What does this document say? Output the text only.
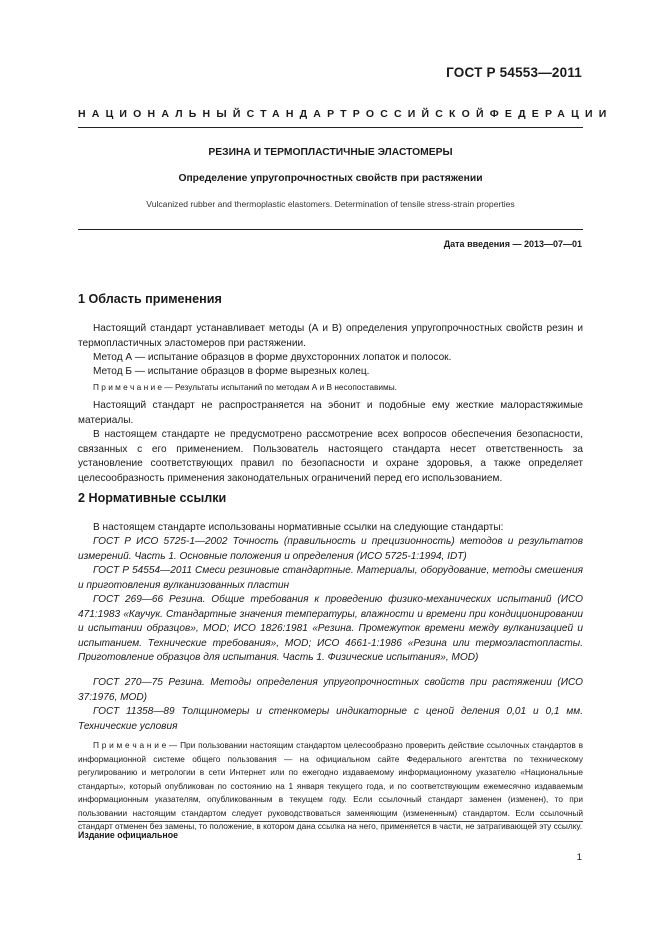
ГОСТ Р 54553—2011
НАЦИОНАЛЬНЫЙ СТАНДАРТ РОССИЙСКОЙ ФЕДЕРАЦИИ
РЕЗИНА И ТЕРМОПЛАСТИЧНЫЕ ЭЛАСТОМЕРЫ
Определение упругопрочностных свойств при растяжении
Vulcanized rubber and thermoplastic elastomers. Determination of tensile stress-strain properties
Дата введения — 2013—07—01
1 Область применения
Настоящий стандарт устанавливает методы (А и В) определения упругопрочностных свойств резин и термопластичных эластомеров при растяжении.
Метод А — испытание образцов в форме двухсторонних лопаток и полосок.
Метод Б — испытание образцов в форме вырезных колец.
П р и м е ч а н и е — Результаты испытаний по методам А и В несопоставимы.
Настоящий стандарт не распространяется на эбонит и подобные ему жесткие малорастяжимые материалы.
В настоящем стандарте не предусмотрено рассмотрение всех вопросов обеспечения безопасности, связанных с его применением. Пользователь настоящего стандарта несет ответственность за установление соответствующих правил по безопасности и охране здоровья, а также определяет целесообразность применения законодательных ограничений перед его использованием.
2 Нормативные ссылки
В настоящем стандарте использованы нормативные ссылки на следующие стандарты:
ГОСТ Р ИСО 5725-1—2002 Точность (правильность и прецизионность) методов и результатов измерений. Часть 1. Основные положения и определения (ИСО 5725-1:1994, IDT)
ГОСТ Р 54554—2011 Смеси резиновые стандартные. Материалы, оборудование, методы смешения и приготовления вулканизованных пластин
ГОСТ 269—66 Резина. Общие требования к проведению физико-механических испытаний (ИСО 471:1983 «Каучук. Стандартные значения температуры, влажности и времени при кондиционировании и испытании образцов», MOD; ИСО 1826:1981 «Резина. Промежуток времени между вулканизацией и испытанием. Технические требования», MOD; ИСО 4661-1:1986 «Резина или термоэластопласты. Приготовление образцов для испытания. Часть 1. Физические испытания», MOD)
ГОСТ 270—75 Резина. Методы определения упругопрочностных свойств при растяжении (ИСО 37:1976, MOD)
ГОСТ 11358—89 Толщиномеры и стенкомеры индикаторные с ценой деления 0,01 и 0,1 мм. Технические условия
П р и м е ч а н и е — При пользовании настоящим стандартом целесообразно проверить действие ссылочных стандартов в информационной системе общего пользования — на официальном сайте Федерального агентства по техническому регулированию и метрологии в сети Интернет или по ежегодно издаваемому информационному указателю «Национальные стандарты», который опубликован по состоянию на 1 января текущего года, и по соответствующим ежемесячно издаваемым информационным указателям, опубликованным в текущем году. Если ссылочный стандарт заменен (изменен), то при пользовании настоящим стандартом следует руководствоваться заменяющим (измененным) стандартом. Если ссылочный стандарт отменен без замены, то положение, в котором дана ссылка на него, применяется в части, не затрагивающей эту ссылку.
Издание официальное
1
